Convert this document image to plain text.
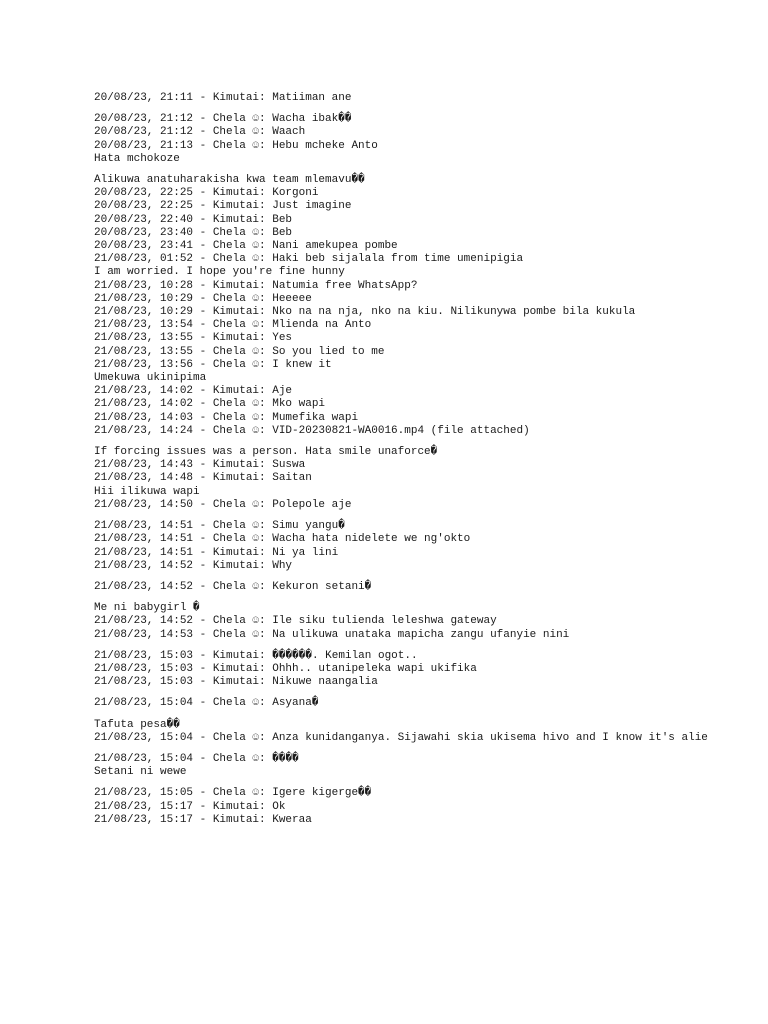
20/08/23, 21:11 - Kimutai: Matiiman ane
20/08/23, 21:12 - Chela ☺: Wacha ibak��
20/08/23, 21:12 - Chela ☺: Waach
20/08/23, 21:13 - Chela ☺: Hebu mcheke Anto
Hata mchokoze
Alikuwa anatuharakisha kwa team mlemavu��
20/08/23, 22:25 - Kimutai: Korgoni
20/08/23, 22:25 - Kimutai: Just imagine
20/08/23, 22:40 - Kimutai: Beb
20/08/23, 23:40 - Chela ☺: Beb
20/08/23, 23:41 - Chela ☺: Nani amekupea pombe
21/08/23, 01:52 - Chela ☺: Haki beb sijalala from time umenipigia
I am worried. I hope you're fine hunny
21/08/23, 10:28 - Kimutai: Natumia free WhatsApp?
21/08/23, 10:29 - Chela ☺: Heeeee
21/08/23, 10:29 - Kimutai: Nko na na nja, nko na kiu. Nilikunywa pombe bila kukula
21/08/23, 13:54 - Chela ☺: Mlienda na Anto
21/08/23, 13:55 - Kimutai: Yes
21/08/23, 13:55 - Chela ☺: So you lied to me
21/08/23, 13:56 - Chela ☺: I knew it
Umekuwa ukinipima
21/08/23, 14:02 - Kimutai: Aje
21/08/23, 14:02 - Chela ☺: Mko wapi
21/08/23, 14:03 - Chela ☺: Mumefika wapi
21/08/23, 14:24 - Chela ☺: VID-20230821-WA0016.mp4 (file attached)
If forcing issues was a person. Hata smile unaforce�
21/08/23, 14:43 - Kimutai: Suswa
21/08/23, 14:48 - Kimutai: Saitan
Hii ilikuwa wapi
21/08/23, 14:50 - Chela ☺: Polepole aje
21/08/23, 14:51 - Chela ☺: Simu yangu�
21/08/23, 14:51 - Chela ☺: Wacha hata nidelete we ng'okto
21/08/23, 14:51 - Kimutai: Ni ya lini
21/08/23, 14:52 - Kimutai: Why
21/08/23, 14:52 - Chela ☺: Kekuron setani�
Me ni babygirl �
21/08/23, 14:52 - Chela ☺: Ile siku tulienda leleshwa gateway
21/08/23, 14:53 - Chela ☺: Na ulikuwa unataka mapicha zangu ufanyie nini
21/08/23, 15:03 - Kimutai: ������. Kemilan ogot..
21/08/23, 15:03 - Kimutai: Ohhh.. utanipeleka wapi ukifika
21/08/23, 15:03 - Kimutai: Nikuwe naangalia
21/08/23, 15:04 - Chela ☺: Asyana�
Tafuta pesa��
21/08/23, 15:04 - Chela ☺: Anza kunidanganya. Sijawahi skia ukisema hivo and I know it's alie
21/08/23, 15:04 - Chela ☺: ����
Setani ni wewe
21/08/23, 15:05 - Chela ☺: Igere kigerge��
21/08/23, 15:17 - Kimutai: Ok
21/08/23, 15:17 - Kimutai: Kweraa
